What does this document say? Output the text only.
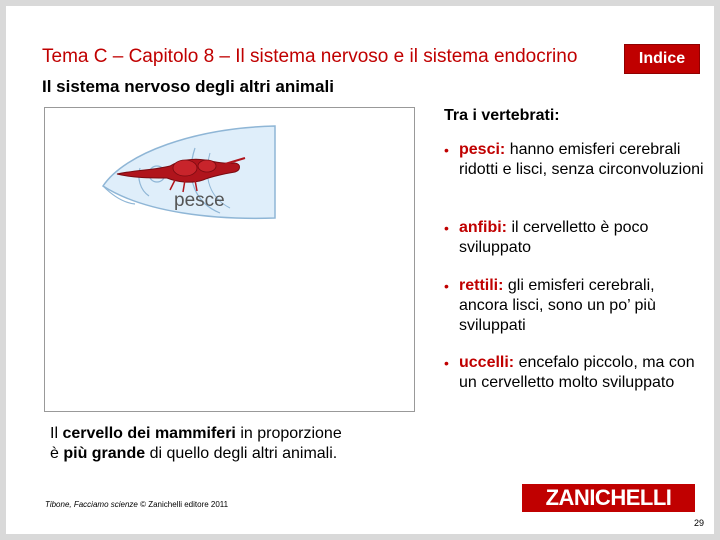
Tema C – Capitolo 8 – Il sistema nervoso e il sistema endocrino	Indice
Il sistema nervoso degli altri animali
pesce
Il cervello dei mammiferi in proporzione
è più grande di quello degli altri animali.
Tra i vertebrati:
• pesci: hanno emisferi cerebrali ridotti e lisci, senza circonvoluzioni
• anfibi: il cervelletto è poco sviluppato
• rettili: gli emisferi cerebrali, ancora lisci, sono un po’ più sviluppati
• uccelli: encefalo piccolo, ma con un cervelletto molto sviluppato
Tibone, Facciamo scienze © Zanichelli editore 2011	ZANICHELLI
29
